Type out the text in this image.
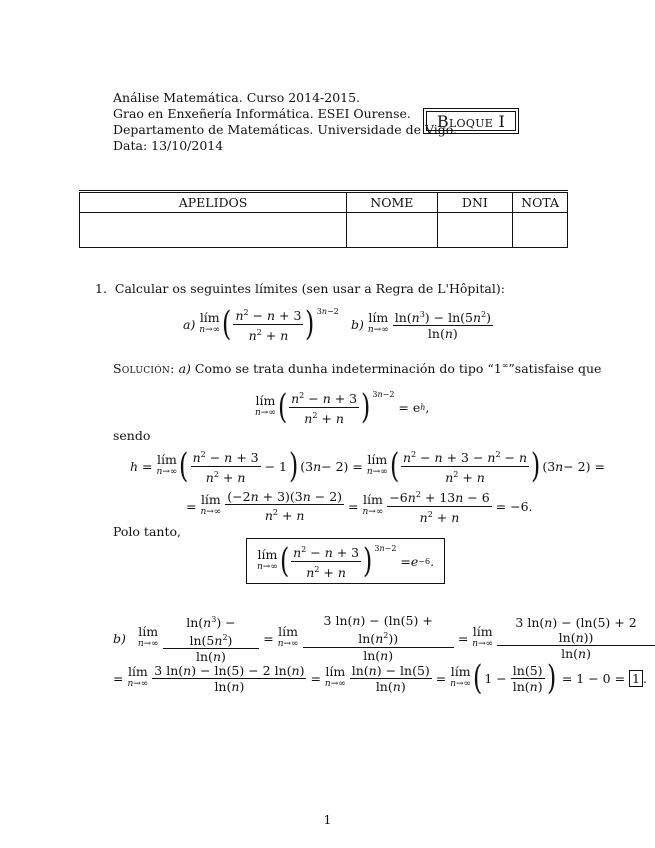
Análise Matemática. Curso 2014-2015.
Grao en Enxeñería Informática. ESEI Ourense.
Departamento de Matemáticas. Universidade de Vigo.
Data: 13/10/2014
Bloque I
APELIDOS	NOME	DNI	NOTA

1. Calcular os seguintes límites (sen usar a Regra de L'Hôpital):
a)
lím
n→∞ ( $\frac{n^2 - n + 3}{n^2 + n}$ ) 3n−2
b)
lím
n→∞
$\frac{\ln(n^3) - \ln(5n^2)}{\ln(n)}$
Solución: a) Como se trata dunha indeterminación do tipo “1∞”satisfaise que
lím
n→∞ ( $\frac{n^2 - n + 3}{n^2 + n}$ ) 3n−2
= e h ,
sendo
h = lím
n→∞ ( $\frac{n^2 - n + 3}{n^2 + n} - 1$ ) (3 n − 2) = lím
n→∞ ( $\frac{n^2 - n + 3 - n^2 - n}{n^2 + n}$ ) (3 n − 2) =
= lím
n→∞
$\frac{(-2n + 3)(3n - 2)}{n^2 + n}$ = lím
n→∞
$\frac{-6n^2 + 13n - 6}{n^2 + n} = -6$.
Polo tanto,
lím
n→∞ ( $\frac{n^2 - n + 3}{n^2 + n}$ ) 3n−2
= e −6 .
b)
lím
n→∞
$\frac{\ln(n^3) - \ln(5n^2)}{\ln(n)}$ = lím
n→∞
$\frac{3 \ln(n) - (\ln(5) + \ln(n^2))}{\ln(n)}$ = lím
n→∞
$\frac{3 \ln(n) - (\ln(5) + 2 \ln(n))}{\ln(n)}$
= lím
n→∞
$\frac{3 \ln(n) - \ln(5) - 2 \ln(n)}{\ln(n)}$ = lím
n→∞
$\frac{\ln(n) - \ln(5)}{\ln(n)}$ = lím
n→∞ ( $1 - \frac{\ln(5)}{\ln(n)}$ ) = 1 − 0 = 1 .
1
